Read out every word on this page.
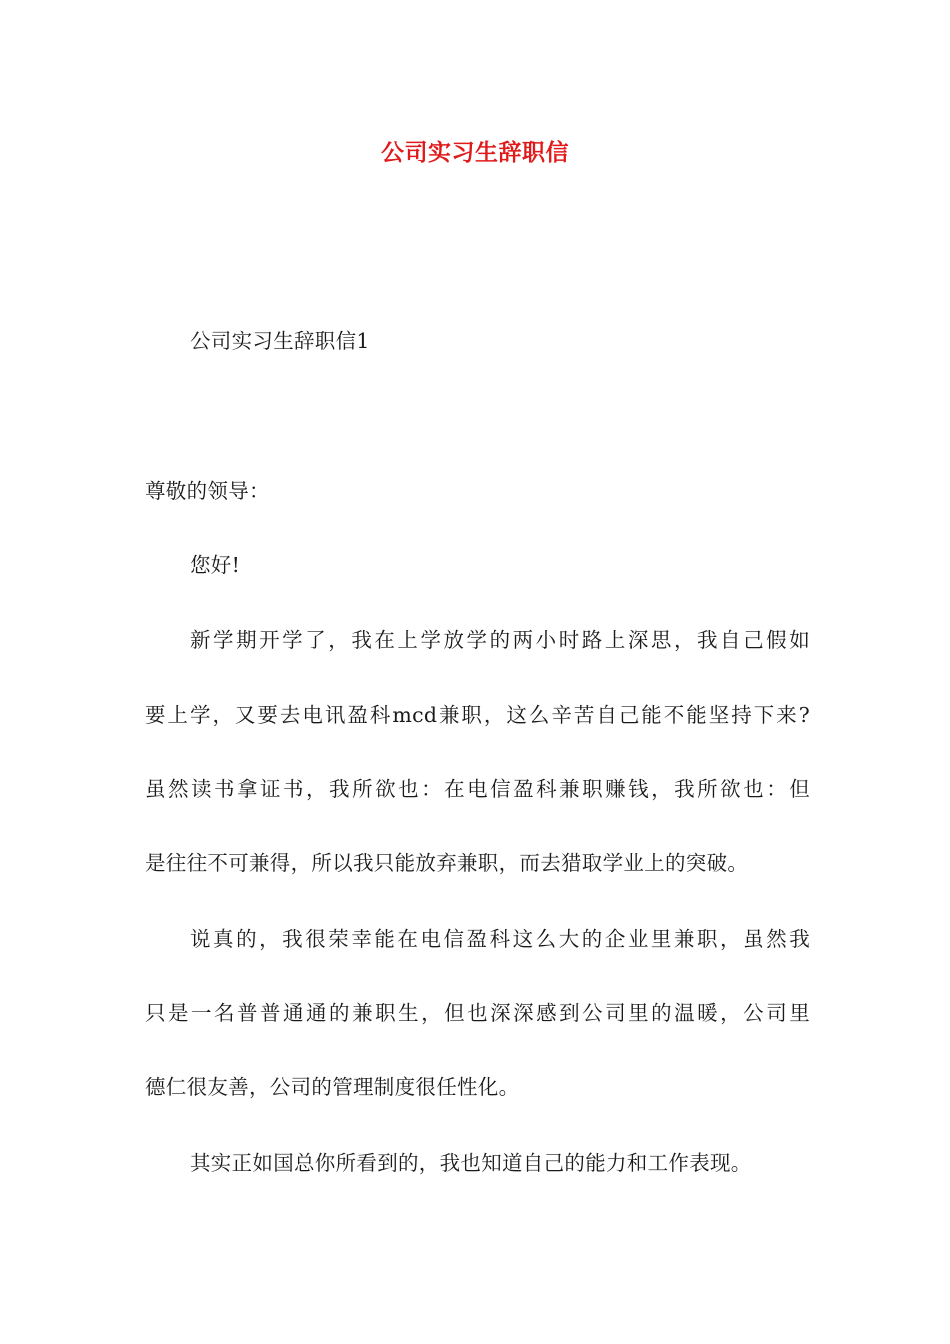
公司实习生辞职信
公司实习生辞职信1
尊敬的领导：
您好!
新学期开学了，我在上学放学的两小时路上深思，我自己假如
要上学，又要去电讯盈科mcd兼职，这么辛苦自己能不能坚持下来?
虽然读书拿证书，我所欲也：在电信盈科兼职赚钱，我所欲也：但
是往往不可兼得，所以我只能放弃兼职，而去猎取学业上的突破。
说真的，我很荣幸能在电信盈科这么大的企业里兼职，虽然我
只是一名普普通通的兼职生，但也深深感到公司里的温暖，公司里
德仁很友善，公司的管理制度很任性化。
其实正如国总你所看到的，我也知道自己的能力和工作表现。
